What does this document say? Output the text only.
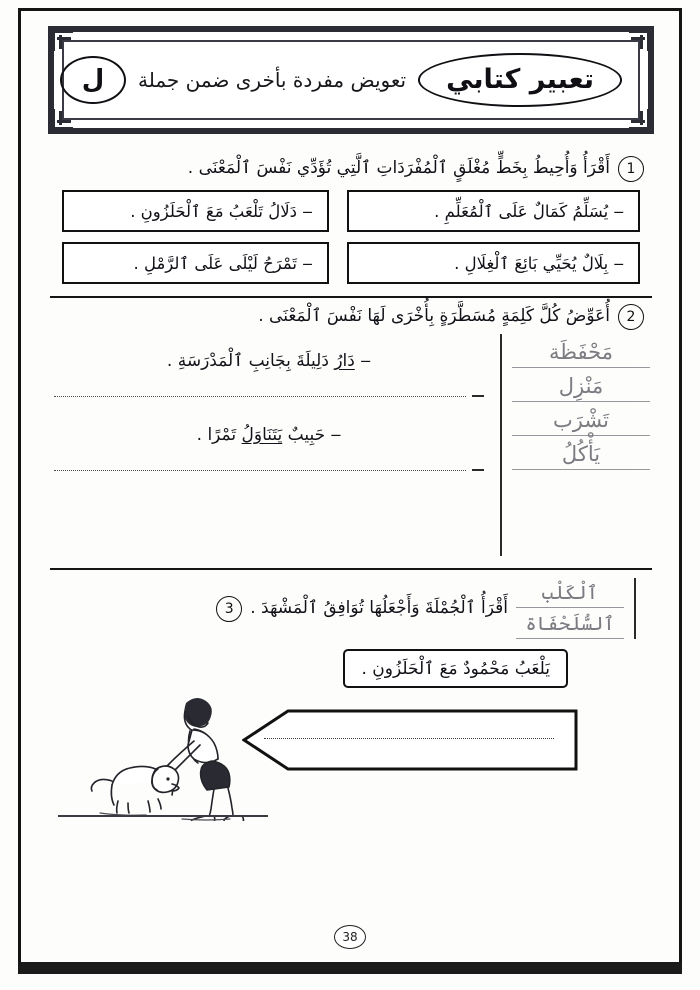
تعبير كتابي
تعويض مفردة بأخرى ضمن جملة
ل
1
أَقْرَأُ وَأُحِيطُ بِخَطٍّ مُغْلَقٍ ٱلْمُفْرَدَاتِ ٱلَّتِي تُؤَدِّي نَفْسَ ٱلْمَعْنَى .
‒ يُسَلِّمُ كَمَالٌ عَلَى ٱلْمُعَلِّمِ .
‒ دَلَالُ تَلْعَبُ مَعَ ٱلْحَلَزُونِ .
‒ بِلَالٌ يُحَيِّي بَائِعَ ٱلْغِلَالِ .
‒ تَمْرَحُ لَيْلَى عَلَى ٱلرَّمْلِ .
2
أُعَوِّضُ كُلَّ كَلِمَةٍ مُسَطَّرَةٍ بِأُخْرَى لَهَا نَفْسَ ٱلْمَعْنَى .
مَحْفَظَة
مَنْزِل
تَشْرَب
يَأْكُلُ
‒ دَارُ دَلِيلَةَ بِجَانِبِ ٱلْمَدْرَسَةِ .
‒ حَبِيبٌ يَتَنَاوَلُ تَمْرًا .
ٱلْكَلْب
ٱلسُّلَحْفَاة
أَقْرَأُ ٱلْجُمْلَةَ وَأَجْعَلُهَا تُوَافِقُ ٱلْمَشْهَدَ .
3
يَلْعَبُ مَحْمُودٌ مَعَ ٱلْحَلَزُونِ .
38
